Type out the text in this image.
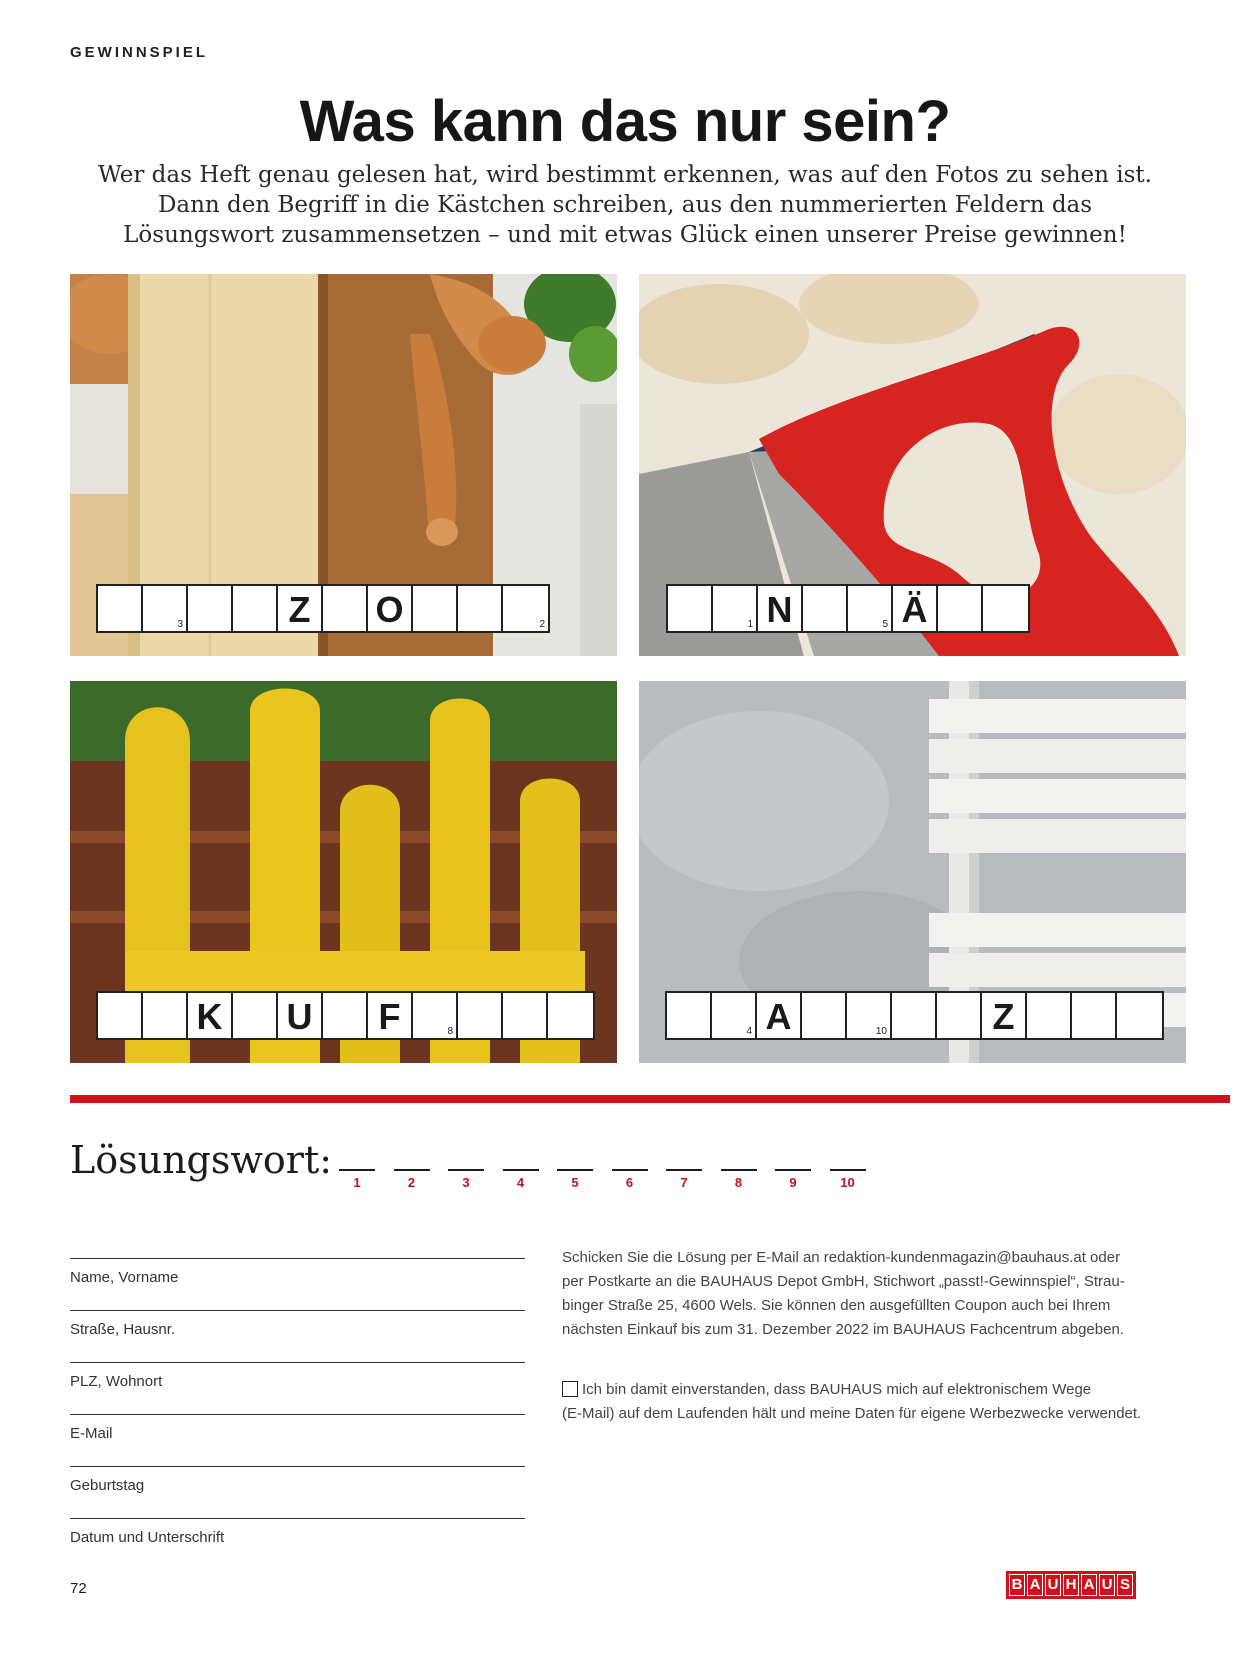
GEWINNSPIEL
Was kann das nur sein?
Wer das Heft genau gelesen hat, wird bestimmt erkennen, was auf den Fotos zu sehen ist.
Dann den Begriff in die Kästchen schreiben, aus den nummerierten Feldern das
Lösungswort zusammensetzen – und mit etwas Glück einen unserer Preise gewinnen!
3	Z O	2	1 N	5 Ä
K U F	8	4 A	10	Z
Lösungswort:
1	2	3	4	5	6	7	8	9	10
Name, Vorname
Straße, Hausnr.
PLZ, Wohnort
E-Mail
Geburtstag
Datum und Unterschrift
Schicken Sie die Lösung per E-Mail an redaktion-kundenmagazin@bauhaus.at oder
per Postkarte an die BAUHAUS Depot GmbH, Stichwort „passt!-Gewinnspiel“, Strau-
binger Straße 25, 4600 Wels. Sie können den ausgefüllten Coupon auch bei Ihrem
nächsten Einkauf bis zum 31. Dezember 2022 im BAUHAUS Fachcentrum abgeben.
Ich bin damit einverstanden, dass BAUHAUS mich auf elektronischem Wege
(E-Mail) auf dem Laufenden hält und meine Daten für eigene Werbezwecke verwendet.
72	B A U H A U S
